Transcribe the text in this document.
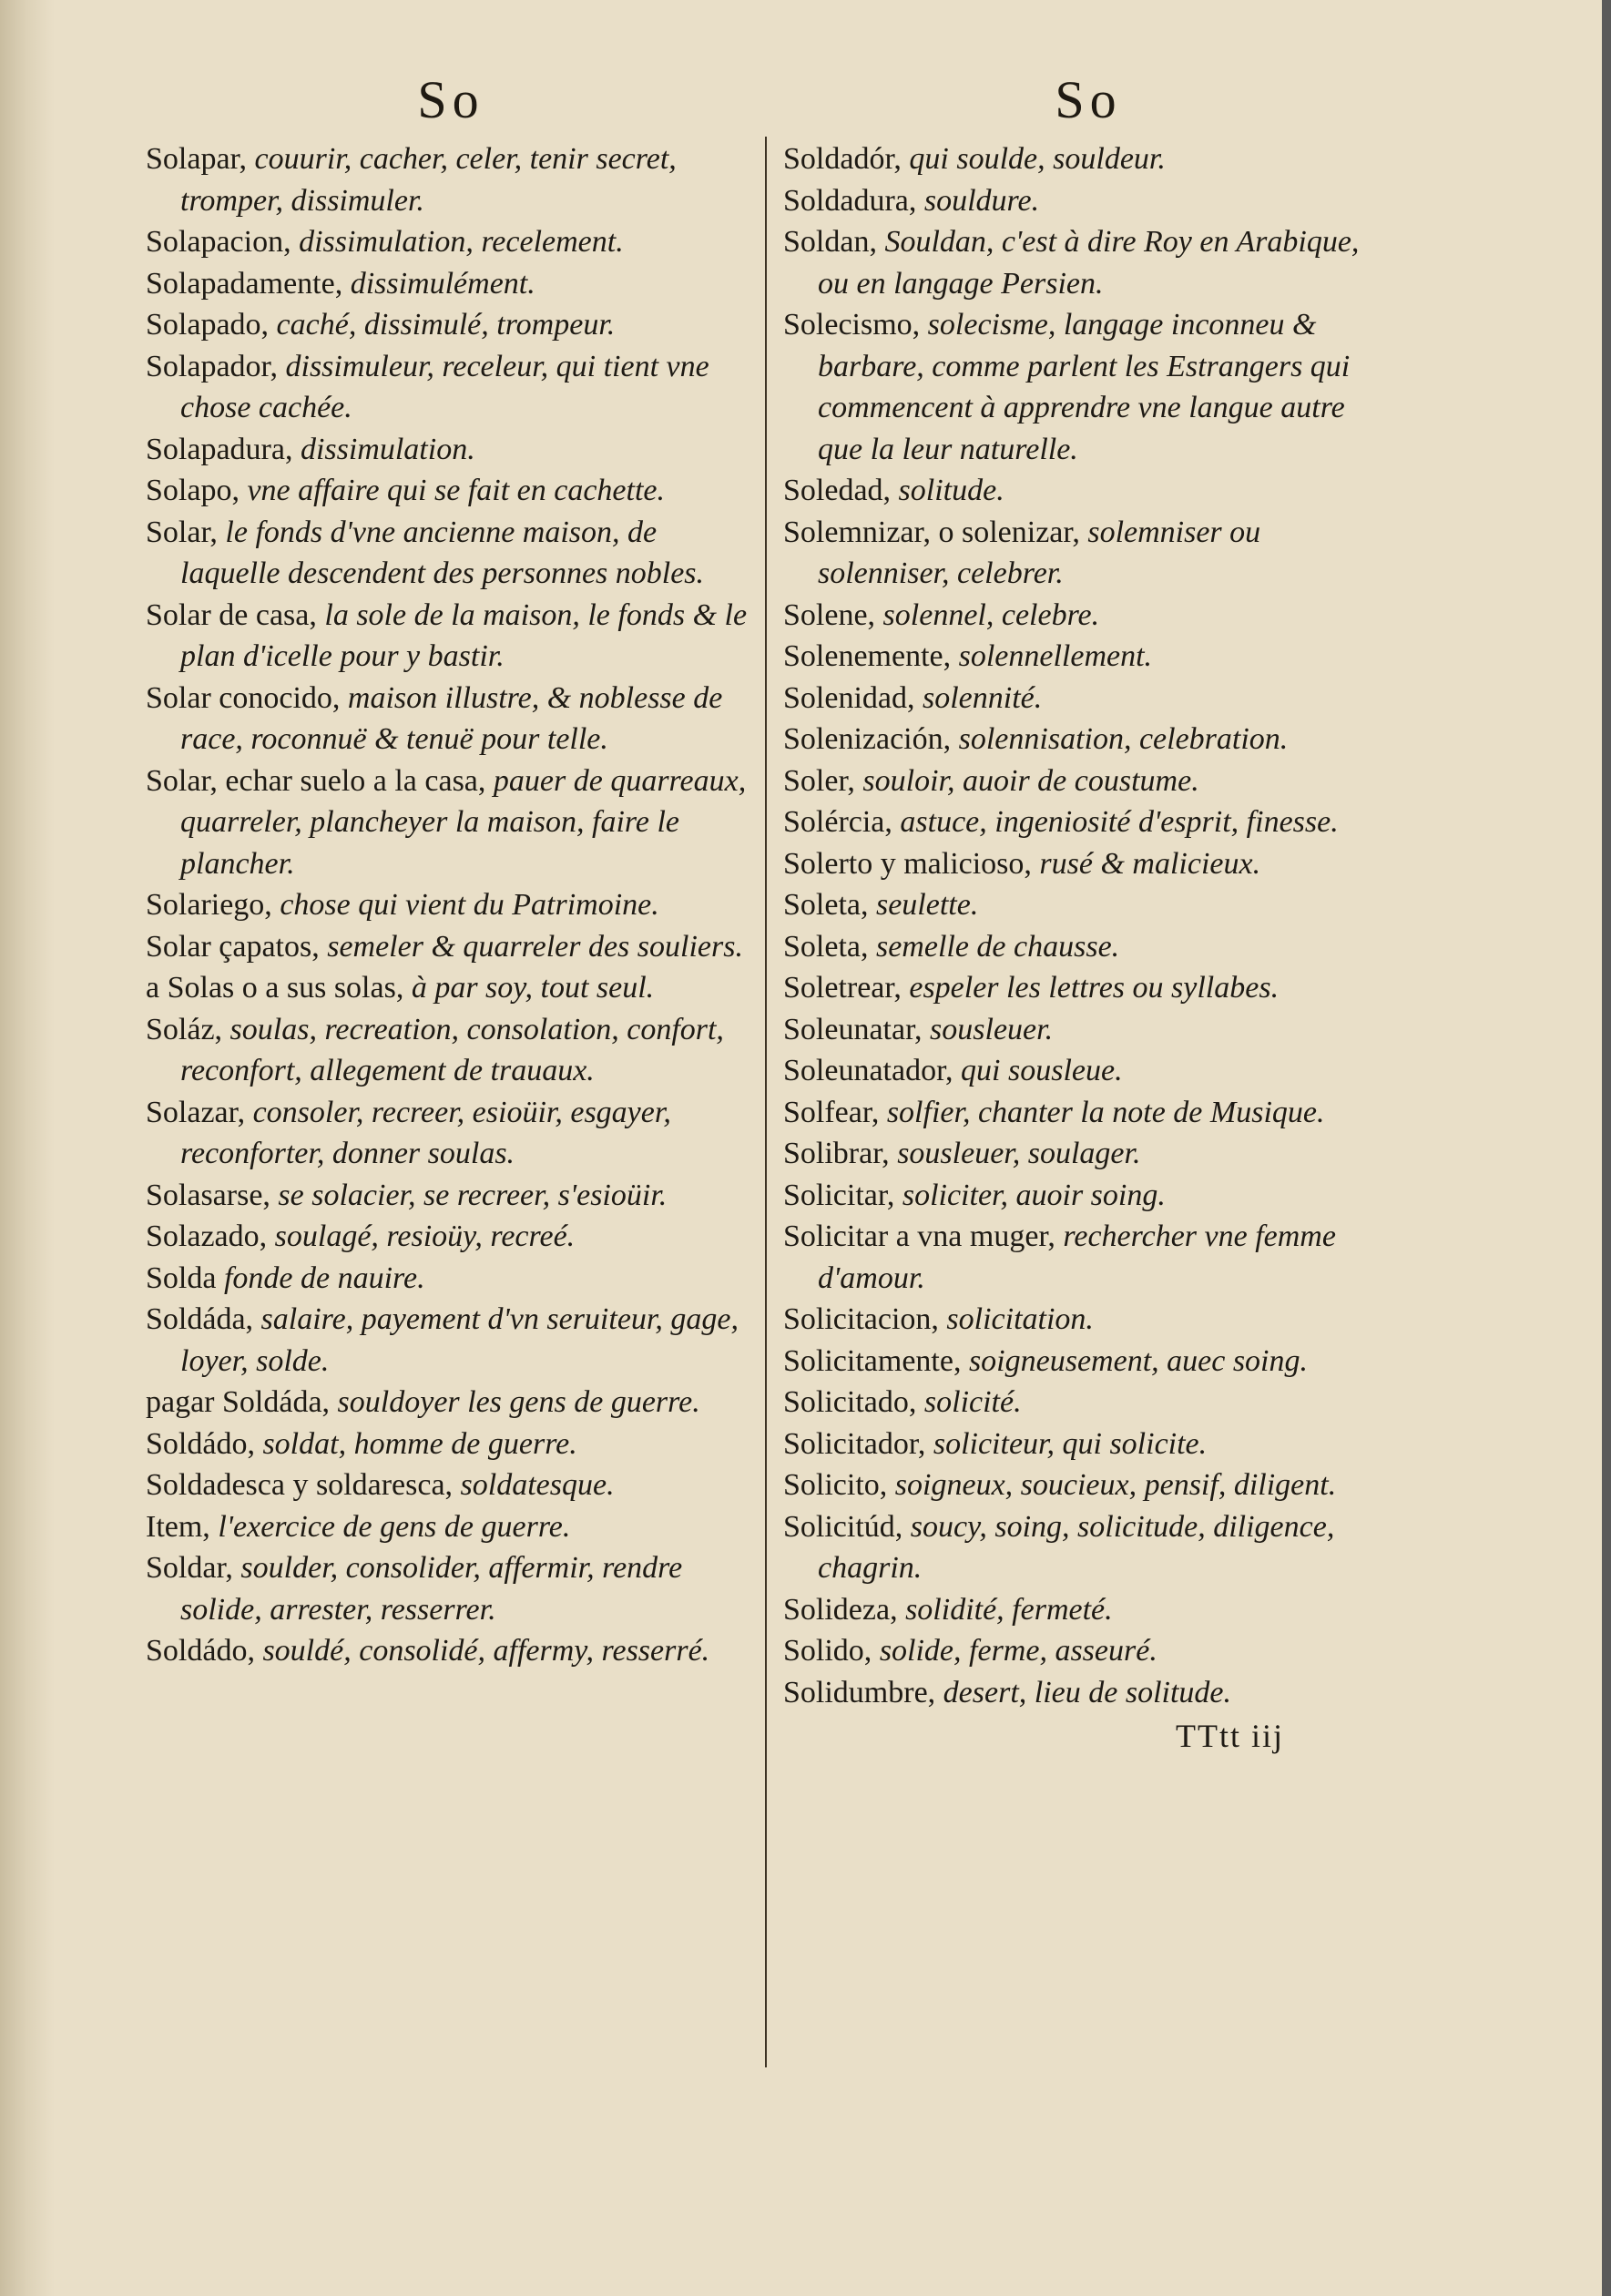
So

Solapar, couurir, cacher, celer, tenir secret, tromper, dissimuler.

Solapacion, dissimulation, recelement.

Solapadamente, dissimulément.

Solapado, caché, dissimulé, trompeur.

Solapador, dissimuleur, receleur, qui tient vne chose cachée.

Solapadura, dissimulation.

Solapo, vne affaire qui se fait en cachette.

Solar, le fonds d'vne ancienne maison, de laquelle descendent des personnes nobles.

Solar de casa, la sole de la maison, le fonds & le plan d'icelle pour y bastir.

Solar conocido, maison illustre, & noblesse de race, roconnuë & tenuë pour telle.

Solar, echar suelo a la casa, pauer de quarreaux, quarreler, plancheyer la maison, faire le plancher.

Solariego, chose qui vient du Patrimoine.

Solar çapatos, semeler & quarreler des souliers.

a Solas o a sus solas, à par soy, tout seul.

Soláz, soulas, recreation, consolation, confort, reconfort, allegement de trauaux.

Solazar, consoler, recreer, esioüir, esgayer, reconforter, donner soulas.

Solasarse, se solacier, se recreer, s'esioüir.

Solazado, soulagé, resioüy, recreé.

Solda fonde de nauire.

Soldáda, salaire, payement d'vn seruiteur, gage, loyer, solde.

pagar Soldáda, souldoyer les gens de guerre.

Soldádo, soldat, homme de guerre.

Soldadesca y soldaresca, soldatesque.

Item, l'exercice de gens de guerre.

Soldar, soulder, consolider, affermir, rendre solide, arrester, resserrer.

Soldádo, souldé, consolidé, affermy, resserré.

So

Soldadór, qui soulde, souldeur.

Soldadura, souldure.

Soldan, Souldan, c'est à dire Roy en Arabique, ou en langage Persien.

Solecismo, solecisme, langage inconneu & barbare, comme parlent les Estrangers qui commencent à apprendre vne langue autre que la leur naturelle.

Soledad, solitude.

Solemnizar, o solenizar, solemniser ou solenniser, celebrer.

Solene, solennel, celebre.

Solenemente, solennellement.

Solenidad, solennité.

Solenización, solennisation, celebration.

Soler, souloir, auoir de coustume.

Solércia, astuce, ingeniosité d'esprit, finesse.

Solerto y malicioso, rusé & malicieux.

Soleta, seulette.

Soleta, semelle de chausse.

Soletrear, espeler les lettres ou syllabes.

Soleunatar, sousleuer.

Soleunatador, qui sousleue.

Solfear, solfier, chanter la note de Musique.

Solibrar, sousleuer, soulager.

Solicitar, soliciter, auoir soing.

Solicitar a vna muger, rechercher vne femme d'amour.

Solicitacion, solicitation.

Solicitamente, soigneusement, auec soing.

Solicitado, solicité.

Solicitador, soliciteur, qui solicite.

Solicito, soigneux, soucieux, pensif, diligent.

Solicitúd, soucy, soing, solicitude, diligence, chagrin.

Solideza, solidité, fermeté.

Solido, solide, ferme, asseuré.

Solidumbre, desert, lieu de solitude.

TTtt iij
